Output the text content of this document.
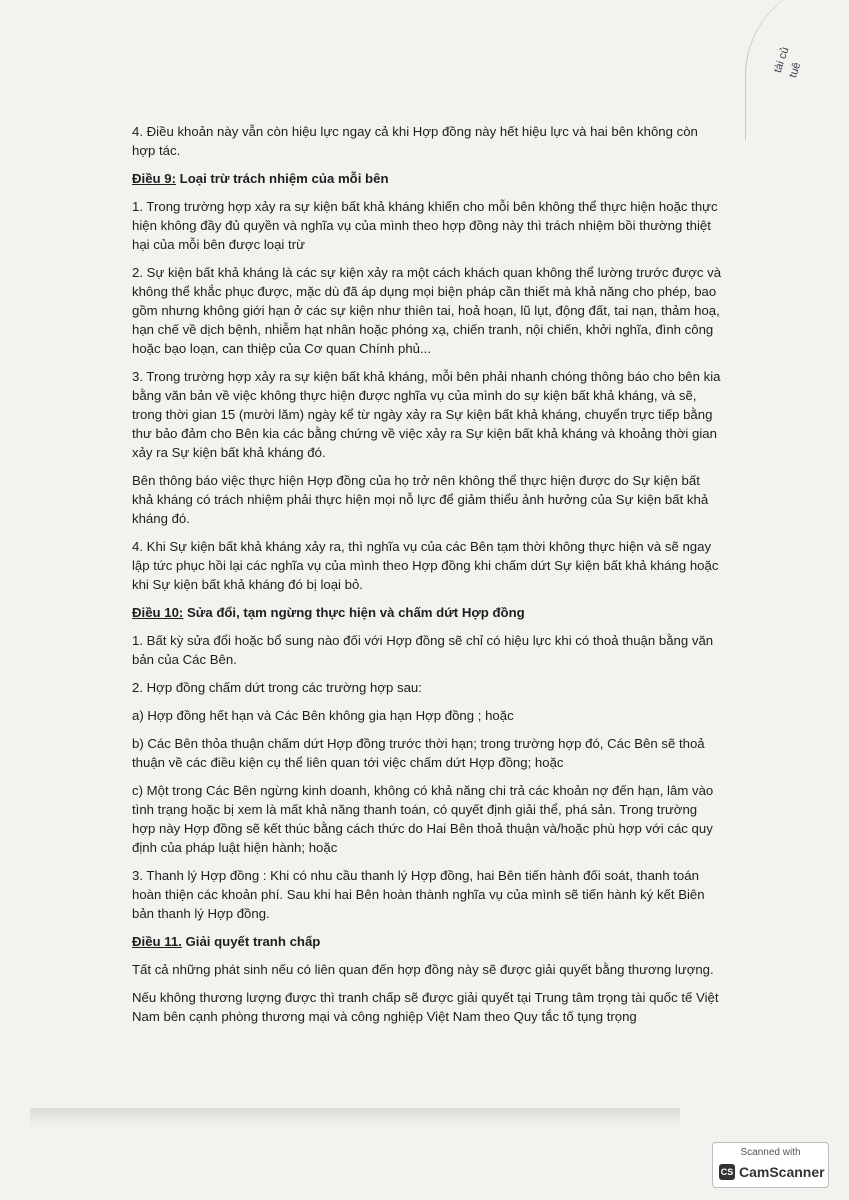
tài củ
tuê

4. Điều khoản này vẫn còn hiệu lực ngay cả khi Hợp đồng này hết hiệu lực và hai bên không còn hợp tác.

Điều 9: Loại trừ trách nhiệm của mỗi bên

1. Trong trường hợp xảy ra sự kiện bất khả kháng khiến cho mỗi bên không thể thực hiện hoặc thực hiện không đầy đủ quyền và nghĩa vụ của mình theo hợp đồng này thì trách nhiệm bồi thường thiệt hại của mỗi bên được loại trừ

2. Sự kiện bất khả kháng là các sự kiện xảy ra một cách khách quan không thể lường trước được và không thể khắc phục được, mặc dù đã áp dụng mọi biện pháp cần thiết mà khả năng cho phép, bao gồm nhưng không giới hạn ở các sự kiện như thiên tai, hoả hoạn, lũ lụt, động đất, tai nạn, thảm hoạ, hạn chế về dịch bệnh, nhiễm hạt nhân hoặc phóng xạ, chiến tranh, nội chiến, khởi nghĩa, đình công hoặc bạo loạn, can thiệp của Cơ quan Chính phủ...

3. Trong trường hợp xảy ra sự kiện bất khả kháng, mỗi bên phải nhanh chóng thông báo cho bên kia bằng văn bản về việc không thực hiện được nghĩa vụ của mình do sự kiện bất khả kháng, và sẽ, trong thời gian 15 (mười lăm) ngày kể từ ngày xảy ra Sự kiện bất khả kháng, chuyển trực tiếp bằng thư bảo đảm cho Bên kia các bằng chứng về việc xảy ra Sự kiện bất khả kháng và khoảng thời gian xảy ra Sự kiện bất khả kháng đó.

Bên thông báo việc thực hiện Hợp đồng của họ trở nên không thể thực hiện được do Sự kiện bất khả kháng có trách nhiệm phải thực hiện mọi nỗ lực để giảm thiểu ảnh hưởng của Sự kiện bất khả kháng đó.

4. Khi Sự kiện bất khả kháng xảy ra, thì nghĩa vụ của các Bên tạm thời không thực hiện và sẽ ngay lập tức phục hồi lại các nghĩa vụ của mình theo Hợp đồng khi chấm dứt Sự kiện bất khả kháng hoặc khi Sự kiện bất khả kháng đó bị loại bỏ.

Điều 10: Sửa đổi, tạm ngừng thực hiện và chấm dứt Hợp đồng

1. Bất kỳ sửa đổi hoặc bổ sung nào đối với Hợp đồng sẽ chỉ có hiệu lực khi có thoả thuận bằng văn bản của Các Bên.

2. Hợp đồng chấm dứt trong các trường hợp sau:

a) Hợp đồng hết hạn và Các Bên không gia hạn Hợp đồng ; hoặc

b) Các Bên thỏa thuận chấm dứt Hợp đồng trước thời hạn; trong trường hợp đó, Các Bên sẽ thoả thuận về các điều kiện cụ thể liên quan tới việc chấm dứt Hợp đồng; hoặc

c) Một trong Các Bên ngừng kinh doanh, không có khả năng chi trả các khoản nợ đến hạn, lâm vào tình trạng hoặc bị xem là mất khả năng thanh toán, có quyết định giải thể, phá sản. Trong trường hợp này Hợp đồng sẽ kết thúc bằng cách thức do Hai Bên thoả thuận và/hoặc phù hợp với các quy định của pháp luật hiện hành; hoặc

3. Thanh lý Hợp đồng : Khi có nhu cầu thanh lý Hợp đồng, hai Bên tiến hành đối soát, thanh toán hoàn thiện các khoản phí. Sau khi hai Bên hoàn thành nghĩa vụ của mình sẽ tiến hành ký kết Biên bản thanh lý Hợp đồng.

Điều 11. Giải quyết tranh chấp

Tất cả những phát sinh nếu có liên quan đến hợp đồng này sẽ được giải quyết bằng thương lượng.

Nếu không thương lượng được thì tranh chấp sẽ được giải quyết tại Trung tâm trọng tài quốc tế Việt Nam bên cạnh phòng thương mại và công nghiệp Việt Nam theo Quy tắc tố tụng trọng

Scanned with
CS CamScanner
